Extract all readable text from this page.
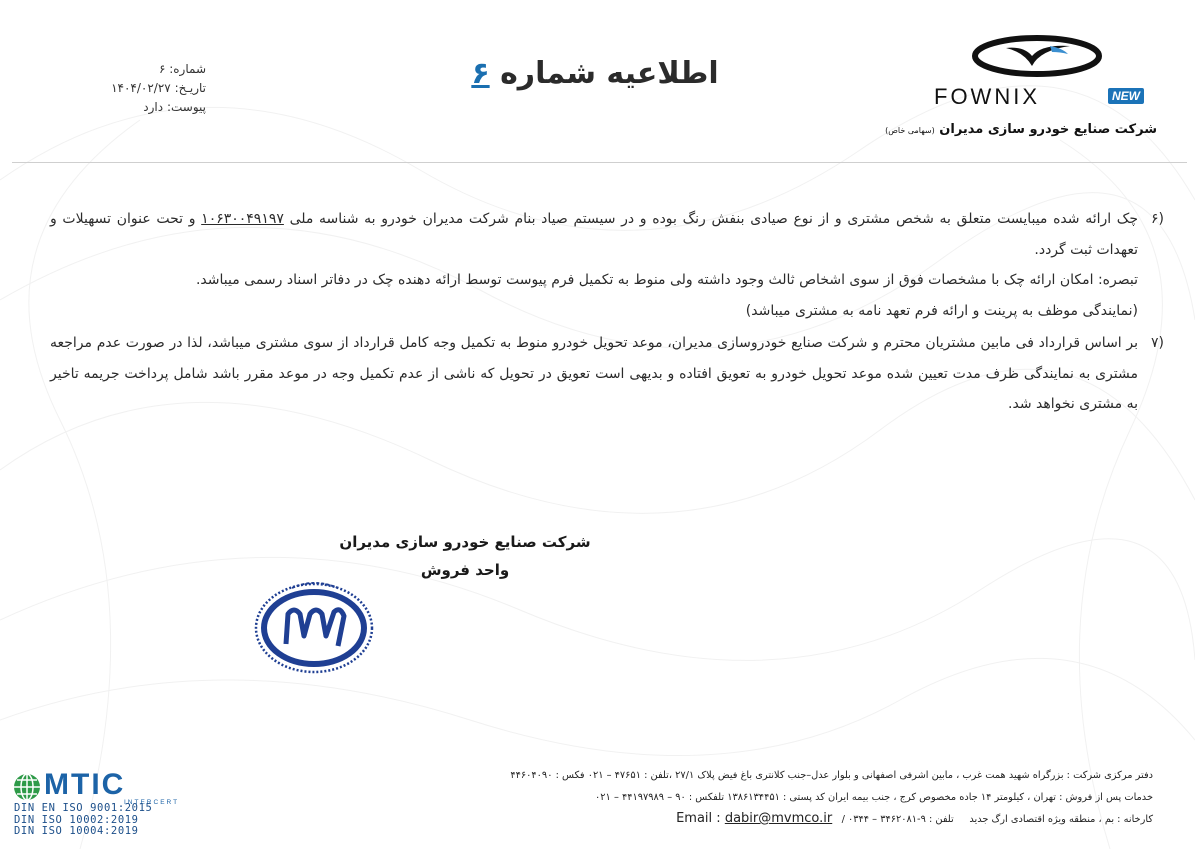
شماره: ۶
تاریـخ: ۱۴۰۴/۰۲/۲۷
پیوست: دارد
اطلاعیه شماره ۶
FOWNIX	NEW
شرکت صنایع خودرو سازی مدیران (سهامی خاص)

۶)
چک ارائه شده میبایست متعلق به شخص مشتری و از نوع صیادی بنفش رنگ بوده و در سیستم صیاد بنام شرکت مدیران خودرو به شناسه ملی ۱۰۶۳۰۰۴۹۱۹۷ و تحت عنوان تسهیلات و تعهدات ثبت گردد.

تبصره: امکان ارائه چک با مشخصات فوق از سوی اشخاص ثالث وجود داشته ولی منوط به تکمیل فرم پیوست توسط ارائه دهنده چک در دفاتر اسناد رسمی میباشد.

(نمایندگی موظف به پرینت و ارائه فرم تعهد نامه به مشتری میباشد)

۷)
بر اساس قرارداد فی مابین مشتریان محترم و شرکت صنایع خودروسازی مدیران، موعد تحویل خودرو منوط به تکمیل وجه کامل قرارداد از سوی مشتری میباشد، لذا در صورت عدم مراجعه مشتری به نمایندگی ظرف مدت تعیین شده موعد تحویل خودرو به تعویق افتاده و بدیهی است تعویق در تحویل که ناشی از عدم تکمیل وجه در موعد مقرر باشد شامل پرداخت جریمه تاخیر به مشتری نخواهد شد.

شرکت صنایع خودرو سازی مدیران
واحد فروش
دفتر مرکزی شرکت : بزرگراه شهید همت غرب ، مابین اشرفی اصفهانی و بلوار عدل–جنب کلانتری باغ فیض پلاک ۲۷/۱ ،تلفن : ۴۷۶۵۱ – ۰۲۱ فکس : ۴۴۶۰۴۰۹۰
خدمات پس از فروش : تهران ، کیلومتر ۱۴ جاده مخصوص کرج ، جنب بیمه ایران کد پستی : ۱۳۸۶۱۳۴۴۵۱ تلفکس : ۹۰ – ۴۴۱۹۷۹۸۹ – ۰۲۱
کارخانه : بم ، منطقه ویژه اقتصادی ارگ جدید     تلفن : ۹-۳۴۶۲۰۸۱ – ۰۳۴۴ /   Email : dabir@mvmco.ir
MTIC
INTERCERT
DIN EN ISO 9001:2015
DIN ISO 10002:2019
DIN ISO 10004:2019
